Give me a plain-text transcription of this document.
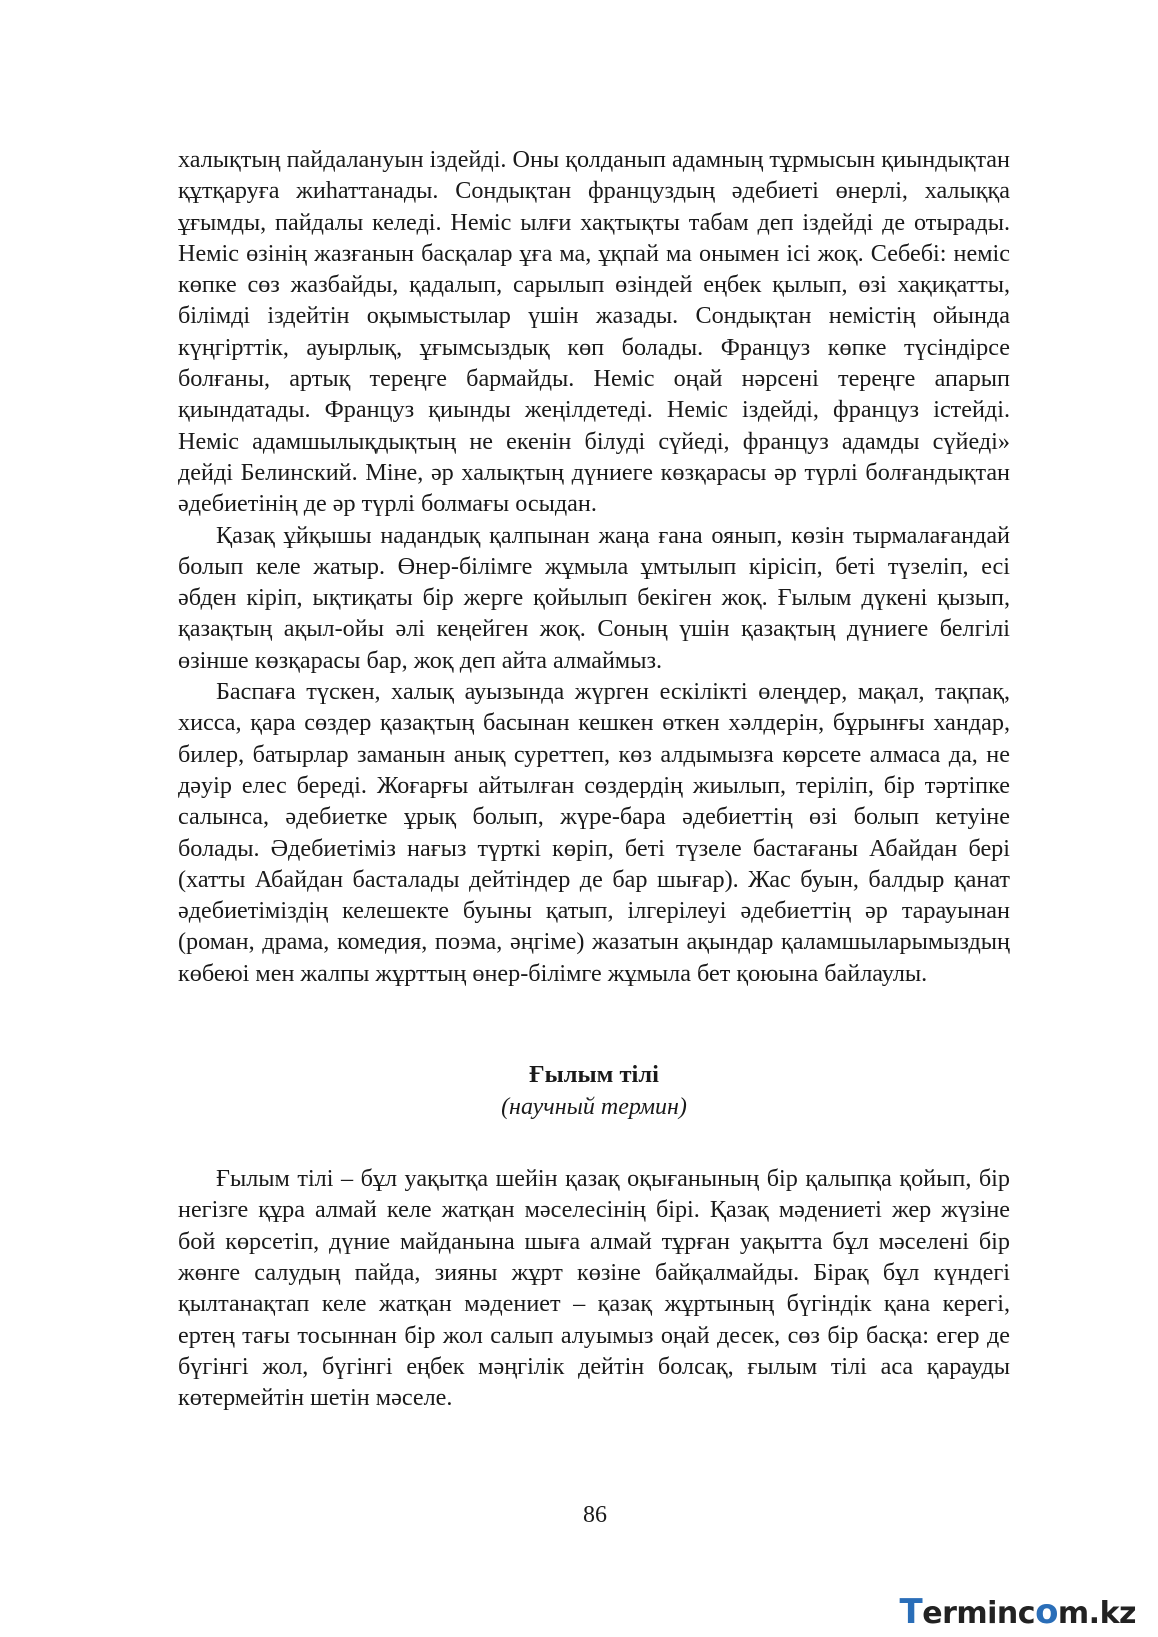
халықтың пайдалануын іздейді. Оны қолданып адамның тұрмысын қиындықтан құтқаруға жиһаттанады. Сондықтан француздың әдебиеті өнерлі, халыққа ұғымды, пайдалы келеді. Неміс ылғи хақтықты табам деп іздейді де отырады. Неміс өзінің жазғанын басқалар ұға ма, ұқпай ма онымен ісі жоқ. Себебі: неміс көпке сөз жазбайды, қадалып, сарылып өзіндей еңбек қылып, өзі хақиқатты, білімді іздейтін оқымыстылар үшін жазады. Сондықтан немістің ойында күңгірттік, ауырлық, ұғымсыздық көп болады. Француз көпке түсіндірсе болғаны, артық тереңге бармайды. Неміс оңай нәрсені тереңге апарып қиындатады. Француз қиынды жеңілдетеді. Неміс іздейді, француз істейді. Неміс адамшылықдықтың не екенін білуді сүйеді, француз адамды сүйеді» дейді Белинский. Міне, әр халықтың дүниеге көзқарасы әр түрлі болғандықтан әдебиетінің де әр түрлі болмағы осыдан.

Қазақ ұйқышы надандық қалпынан жаңа ғана оянып, көзін тырмалағандай болып келе жатыр. Өнер-білімге жұмыла ұмтылып кірісіп, беті түзеліп, есі әбден кіріп, ықтиқаты бір жерге қойылып бекіген жоқ. Ғылым дүкені қызып, қазақтың ақыл-ойы әлі кеңейген жоқ. Соның үшін қазақтың дүниеге белгілі өзінше көзқарасы бар, жоқ деп айта алмаймыз.

Баспаға түскен, халық ауызында жүрген ескілікті өлеңдер, мақал, тақпақ, хисса, қара сөздер қазақтың басынан кешкен өткен хәлдерін, бұрынғы хандар, билер, батырлар заманын анық суреттеп, көз алдымызға көрсете алмаса да, не дәуір елес береді. Жоғарғы айтылған сөздердің жиылып, теріліп, бір тәртіпке салынса, әдебиетке ұрық болып, жүре-бара әдебиеттің өзі болып кетуіне болады. Әдебиетіміз нағыз түрткі көріп, беті түзеле бастағаны Абайдан бері (хатты Абайдан басталады дейтіндер де бар шығар). Жас буын, балдыр қанат әдебиетіміздің келешекте буыны қатып, ілгерілеуі әдебиеттің әр тарауынан (роман, драма, комедия, поэма, әңгіме) жазатын ақындар қаламшыларымыздың көбеюі мен жалпы жұрттың өнер-білімге жұмыла бет қоюына байлаулы.

Ғылым тілі
(научный термин)

Ғылым тілі – бұл уақытқа шейін қазақ оқығанының бір қалыпқа қойып, бір негізге құра алмай келе жатқан мәселесінің бірі. Қазақ мәдениеті жер жүзіне бой көрсетіп, дүние майданына шыға алмай тұрған уақытта бұл мәселені бір жөнге салудың пайда, зияны жұрт көзіне байқалмайды. Бірақ бұл күндегі қылтанақтап келе жатқан мәдениет – қазақ жұртының бүгіндік қана керегі, ертең тағы тосыннан бір жол салып алуымыз оңай десек, сөз бір басқа: егер де бүгінгі жол, бүгінгі еңбек мәңгілік дейтін болсақ, ғылым тілі аса қарауды көтермейтін шетін мәселе.

86
Termincom.kz
